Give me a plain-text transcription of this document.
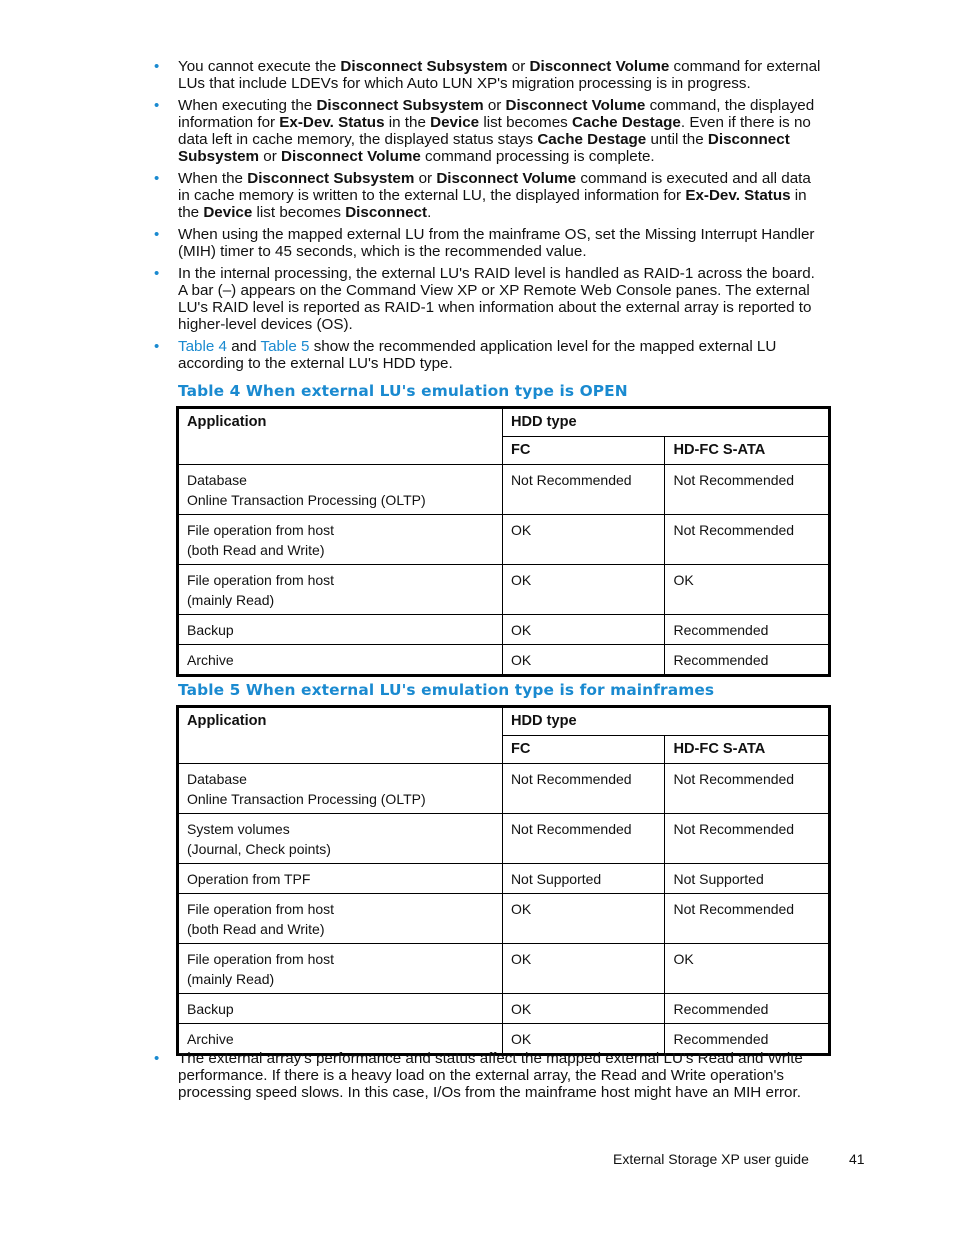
• You cannot execute the Disconnect Subsystem or Disconnect Volume command for external LUs that include LDEVs for which Auto LUN XP's migration processing is in progress.
• When executing the Disconnect Subsystem or Disconnect Volume command, the displayed information for Ex-Dev. Status in the Device list becomes Cache Destage. Even if there is no data left in cache memory, the displayed status stays Cache Destage until the Disconnect Subsystem or Disconnect Volume command processing is complete.
• When the Disconnect Subsystem or Disconnect Volume command is executed and all data in cache memory is written to the external LU, the displayed information for Ex-Dev. Status in the Device list becomes Disconnect.
• When using the mapped external LU from the mainframe OS, set the Missing Interrupt Handler (MIH) timer to 45 seconds, which is the recommended value.
• In the internal processing, the external LU's RAID level is handled as RAID-1 across the board. A bar (–) appears on the Command View XP or XP Remote Web Console panes. The external LU's RAID level is reported as RAID-1 when information about the external array is reported to higher-level devices (OS).
• Table 4 and Table 5 show the recommended application level for the mapped external LU according to the external LU's HDD type.
Table 4 When external LU's emulation type is OPEN
Application	HDD type	
	FC	HD-FC S-ATA

Database
Online Transaction Processing (OLTP)	Not Recommended	Not Recommended

File operation from host
(both Read and Write)	OK	Not Recommended

File operation from host
(mainly Read)	OK	OK

Backup	OK	Recommended

Archive	OK	Recommended
Table 5 When external LU's emulation type is for mainframes
Application	HDD type	
	FC	HD-FC S-ATA

Database
Online Transaction Processing (OLTP)	Not Recommended	Not Recommended

System volumes
(Journal, Check points)	Not Recommended	Not Recommended

Operation from TPF	Not Supported	Not Supported

File operation from host
(both Read and Write)	OK	Not Recommended

File operation from host
(mainly Read)	OK	OK

Backup	OK	Recommended

Archive	OK	Recommended
• The external array's performance and status affect the mapped external LU's Read and Write performance. If there is a heavy load on the external array, the Read and Write operation's processing speed slows. In this case, I/Os from the mainframe host might have an MIH error.
External Storage XP user guide	41
